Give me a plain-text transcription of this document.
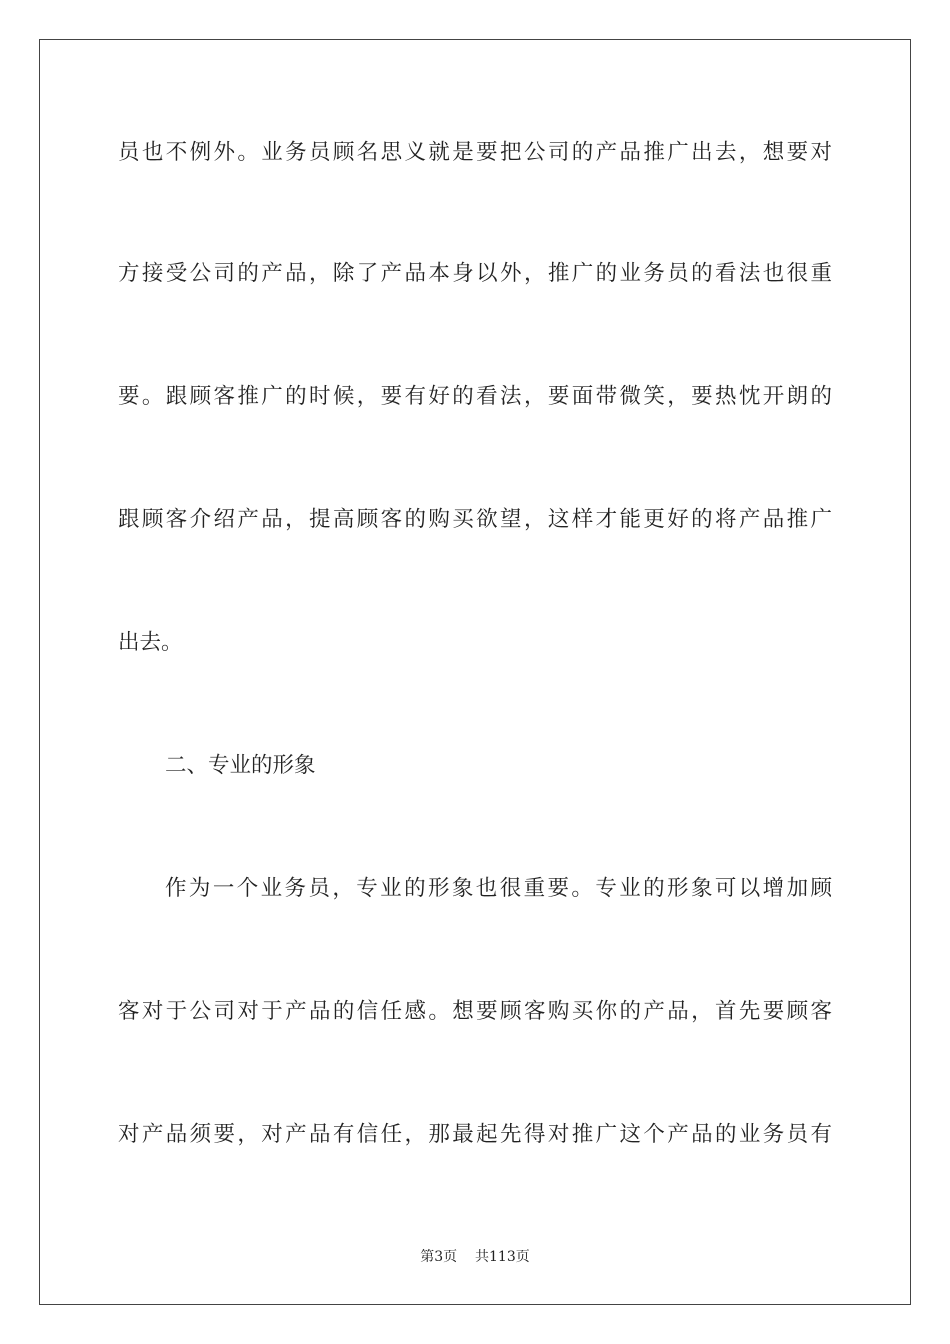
员也不例外。业务员顾名思义就是要把公司的产品推广出去，想要对
方接受公司的产品，除了产品本身以外，推广的业务员的看法也很重
要。跟顾客推广的时候，要有好的看法，要面带微笑，要热忱开朗的
跟顾客介绍产品，提高顾客的购买欲望，这样才能更好的将产品推广
出去。
二、专业的形象
作为一个业务员，专业的形象也很重要。专业的形象可以增加顾
客对于公司对于产品的信任感。想要顾客购买你的产品，首先要顾客
对产品须要，对产品有信任，那最起先得对推广这个产品的业务员有
第3页 共113页
